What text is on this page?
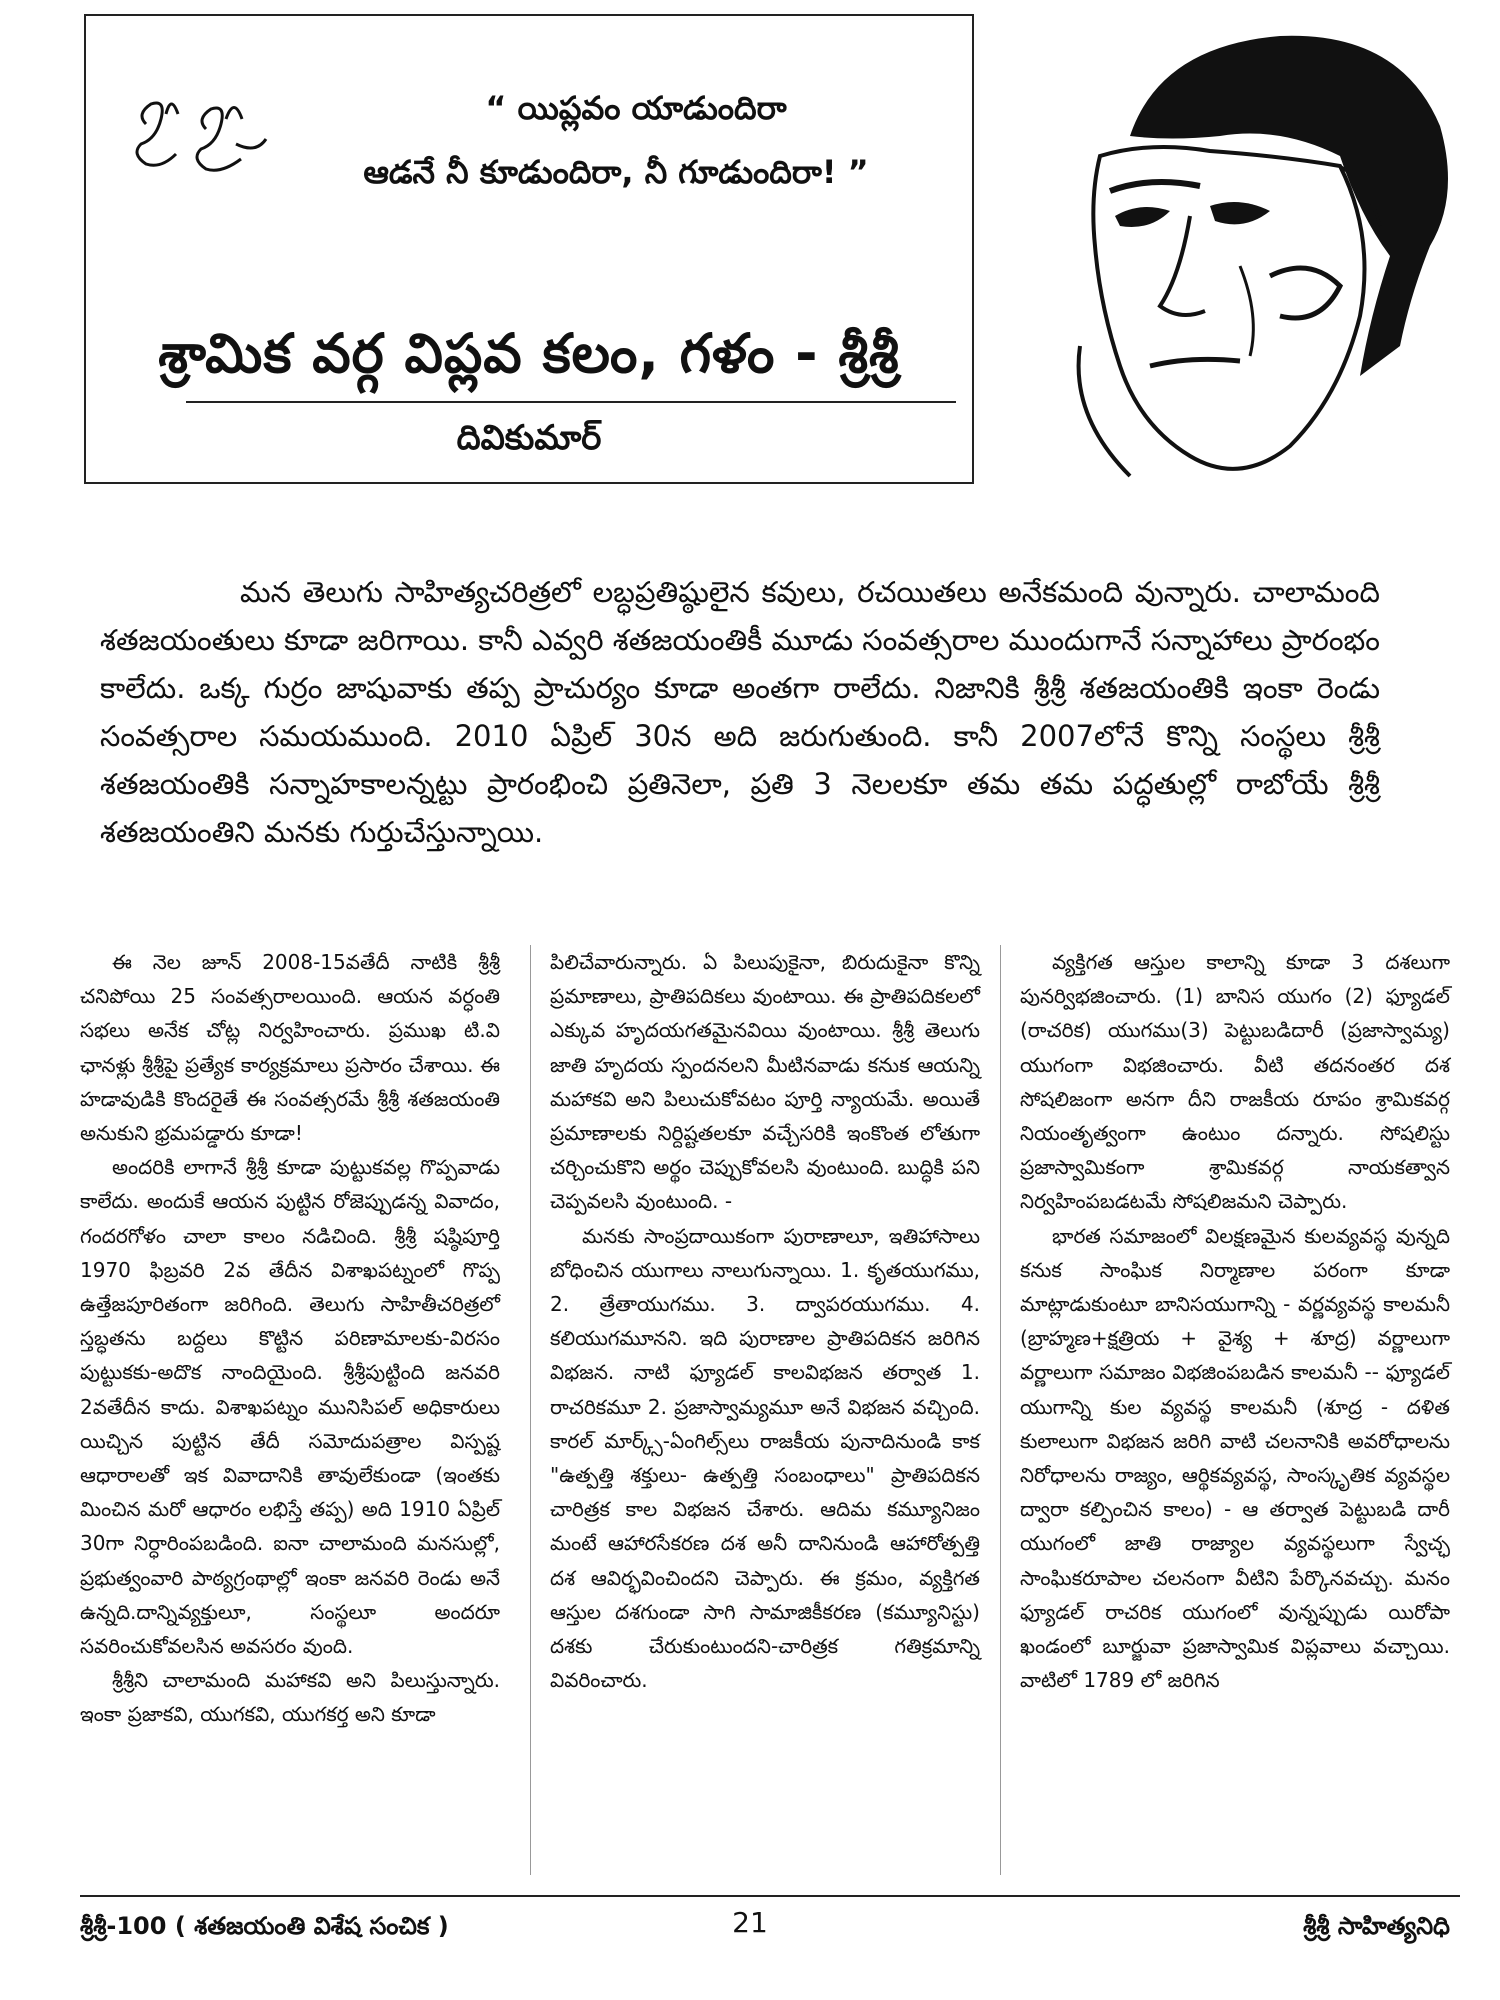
“ యిప్లవం యాడుందిరా
ఆడనే నీ కూడుందిరా, నీ గూడుందిరా! ”
శ్రామిక వర్గ విప్లవ కలం, గళం - శ్రీశ్రీ
దివికుమార్

మన తెలుగు సాహిత్యచరిత్రలో లబ్ధప్రతిష్ఠులైన కవులు, రచయితలు అనేకమంది వున్నారు. చాలామంది శతజయంతులు కూడా జరిగాయి. కానీ ఎవ్వరి శతజయంతికీ మూడు సంవత్సరాల ముందుగానే సన్నాహాలు ప్రారంభం కాలేదు. ఒక్క గుర్రం జాషువాకు తప్ప ప్రాచుర్యం కూడా అంతగా రాలేదు. నిజానికి శ్రీశ్రీ శతజయంతికి ఇంకా రెండు సంవత్సరాల సమయముంది. 2010 ఏప్రిల్ 30న అది జరుగుతుంది. కానీ 2007లోనే కొన్ని సంస్థలు శ్రీశ్రీ శతజయంతికి సన్నాహకాలన్నట్టు ప్రారంభించి ప్రతినెలా, ప్రతి 3 నెలలకూ తమ తమ పద్ధతుల్లో రాబోయే శ్రీశ్రీ శతజయంతిని మనకు గుర్తుచేస్తున్నాయి.

ఈ నెల జూన్ 2008-15వతేదీ నాటికి శ్రీశ్రీ చనిపోయి 25 సంవత్సరాలయింది. ఆయన వర్ధంతి సభలు అనేక చోట్ల నిర్వహించారు. ప్రముఖ టి.వి ఛానళ్లు శ్రీశ్రీపై ప్రత్యేక కార్యక్రమాలు ప్రసారం చేశాయి. ఈ హడావుడికి కొందరైతే ఈ సంవత్సరమే శ్రీశ్రీ శతజయంతి అనుకుని భ్రమపడ్డారు కూడా!

అందరికి లాగానే శ్రీశ్రీ కూడా పుట్టుకవల్ల గొప్పవాడు కాలేదు. అందుకే ఆయన పుట్టిన రోజెప్పుడన్న వివాదం, గందరగోళం చాలా కాలం నడిచింది. శ్రీశ్రీ షష్ఠిపూర్తి 1970 ఫిబ్రవరి 2వ తేదీన విశాఖపట్నంలో గొప్ప ఉత్తేజపూరితంగా జరిగింది. తెలుగు సాహితీచరిత్రలో స్తబ్ధతను బద్దలు కొట్టిన పరిణామాలకు-విరసం పుట్టుకకు-అదొక నాందియైంది. శ్రీశ్రీపుట్టింది జనవరి 2వతేదీన కాదు. విశాఖపట్నం మునిసిపల్ అధికారులు యిచ్చిన పుట్టిన తేదీ సమోదుపత్రాల విస్పష్ట ఆధారాలతో ఇక వివాదానికి తావులేకుండా (ఇంతకు మించిన మరో ఆధారం లభిస్తే తప్ప) అది 1910 ఏప్రిల్ 30గా నిర్ధారింపబడింది. ఐనా చాలామంది మనసుల్లో, ప్రభుత్వంవారి పాఠ్యగ్రంథాల్లో ఇంకా జనవరి రెండు అనే ఉన్నది.దాన్నివ్యక్తులూ, సంస్థలూ అందరూ సవరించుకోవలసిన అవసరం వుంది.

శ్రీశ్రీని చాలామంది మహాకవి అని పిలుస్తున్నారు. ఇంకా ప్రజాకవి, యుగకవి, యుగకర్త అని కూడా

పిలిచేవారున్నారు. ఏ పిలుపుకైనా, బిరుదుకైనా కొన్ని ప్రమాణాలు, ప్రాతిపదికలు వుంటాయి. ఈ ప్రాతిపదికలలో ఎక్కువ హృదయగతమైనవియి వుంటాయి. శ్రీశ్రీ తెలుగు జాతి హృదయ స్పందనలని మీటినవాడు కనుక ఆయన్ని మహాకవి అని పిలుచుకోవటం పూర్తి న్యాయమే. అయితే ప్రమాణాలకు నిర్దిష్టతలకూ వచ్చేసరికి ఇంకొంత లోతుగా చర్చించుకొని అర్థం చెప్పుకోవలసి వుంటుంది. బుద్ధికి పని చెప్పవలసి వుంటుంది. -

మనకు సాంప్రదాయికంగా పురాణాలూ, ఇతిహాసాలు బోధించిన యుగాలు నాలుగున్నాయి. 1. కృతయుగము, 2. త్రేతాయుగము. 3. ద్వాపరయుగము. 4. కలియుగమూనని. ఇది పురాణాల ప్రాతిపదికన జరిగిన విభజన. నాటి ఫ్యూడల్ కాలవిభజన తర్వాత 1. రాచరికమూ 2. ప్రజాస్వామ్యమూ అనే విభజన వచ్చింది. కారల్ మార్క్స్-ఏంగిల్స్‌లు రాజకీయ పునాదినుండి కాక "ఉత్పత్తి శక్తులు- ఉత్పత్తి సంబంధాలు" ప్రాతిపదికన చారిత్రక కాల విభజన చేశారు. ఆదిమ కమ్యూనిజం మంటే ఆహారసేకరణ దశ అనీ దానినుండి ఆహారోత్పత్తి దశ ఆవిర్భవించిందని చెప్పారు. ఈ క్రమం, వ్యక్తిగత ఆస్తుల దశగుండా సాగి సామాజికీకరణ (కమ్యూనిస్టు) దశకు చేరుకుంటుందని-చారిత్రక గతిక్రమాన్ని వివరించారు.

వ్యక్తిగత ఆస్తుల కాలాన్ని కూడా 3 దశలుగా పునర్విభజించారు. (1) బానిస యుగం (2) ఫ్యూడల్ (రాచరిక) యుగము(3) పెట్టుబడిదారీ (ప్రజాస్వామ్య) యుగంగా విభజించారు. వీటి తదనంతర దశ సోషలిజంగా అనగా దీని రాజకీయ రూపం శ్రామికవర్గ నియంతృత్వంగా ఉంటుం దన్నారు. సోషలిస్టు ప్రజాస్వామికంగా శ్రామికవర్గ నాయకత్వాన నిర్వహింపబడటమే సోషలిజమని చెప్పారు.

భారత సమాజంలో విలక్షణమైన కులవ్యవస్థ వున్నది కనుక సాంఘిక నిర్మాణాల పరంగా కూడా మాట్లాడుకుంటూ బానిసయుగాన్ని - వర్ణవ్యవస్థ కాలమనీ (బ్రాహ్మణ+క్షత్రియ + వైశ్య + శూద్ర) వర్ణాలుగా వర్ణాలుగా సమాజం విభజింపబడిన కాలమనీ -- ఫ్యూడల్ యుగాన్ని కుల వ్యవస్థ కాలమనీ (శూద్ర - దళిత కులాలుగా విభజన జరిగి వాటి చలనానికి అవరోధాలను నిరోధాలను రాజ్యం, ఆర్థికవ్యవస్థ, సాంస్కృతిక వ్యవస్థల ద్వారా కల్పించిన కాలం) - ఆ తర్వాత పెట్టుబడి దారీ యుగంలో జాతి రాజ్యాల వ్యవస్థలుగా స్వేచ్ఛ సాంఘికరూపాల చలనంగా వీటిని పేర్కొనవచ్చు. మనం ఫ్యూడల్ రాచరిక యుగంలో వున్నప్పుడు యిరోపా ఖండంలో బూర్జువా ప్రజాస్వామిక విప్లవాలు వచ్చాయి. వాటిలో 1789 లో జరిగిన

శ్రీశ్రీ-100 ( శతజయంతి విశేష సంచిక )	21	శ్రీశ్రీ సాహిత్యనిధి
